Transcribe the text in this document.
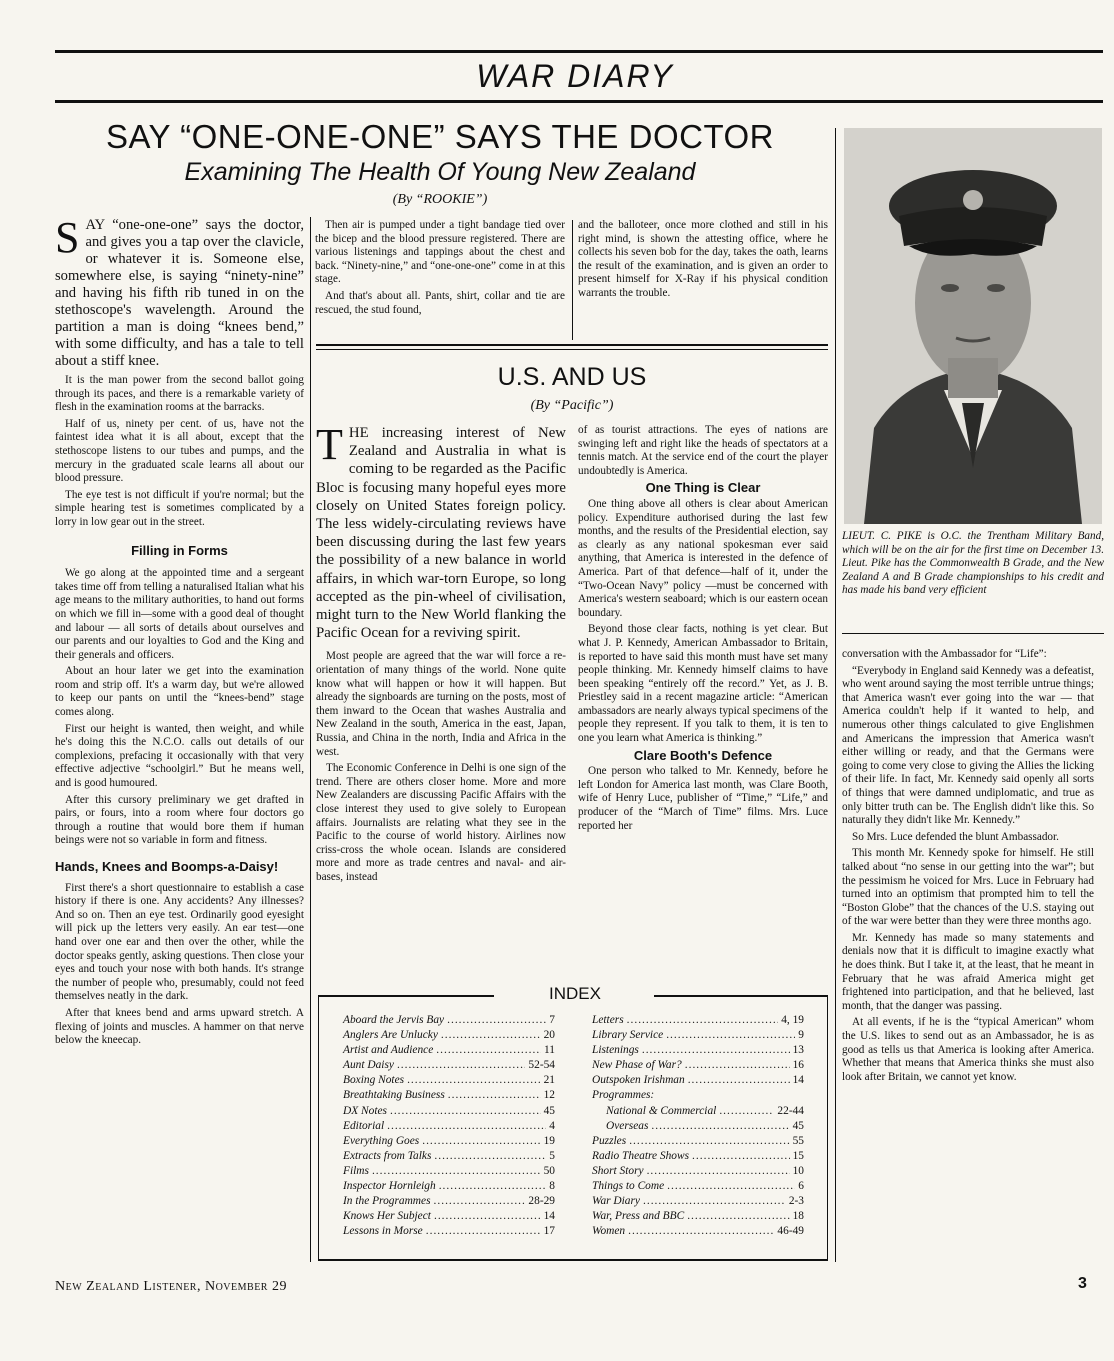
WAR DIARY
SAY “ONE-ONE-ONE” SAYS THE DOCTOR
Examining The Health Of Young New Zealand
(By “ROOKIE”)
SAY “one-one-one” says the doctor, and gives you a tap over the clavicle, or whatever it is. Someone else, somewhere else, is saying “ninety-nine” and having his fifth rib tuned in on the stethoscope's wavelength. Around the partition a man is doing “knees bend,” with some difficulty, and has a tale to tell about a stiff knee.

It is the man power from the second ballot going through its paces, and there is a remarkable variety of flesh in the examination rooms at the barracks.

Half of us, ninety per cent. of us, have not the faintest idea what it is all about, except that the stethoscope listens to our tubes and pumps, and the mercury in the graduated scale learns all about our blood pressure.

The eye test is not difficult if you're normal; but the simple hearing test is sometimes complicated by a lorry in low gear out in the street.

Filling in Forms

We go along at the appointed time and a sergeant takes time off from telling a naturalised Italian what his age means to the military authorities, to hand out forms on which we fill in—some with a good deal of thought and labour — all sorts of details about ourselves and our parents and our loyalties to God and the King and their generals and officers.

About an hour later we get into the examination room and strip off. It's a warm day, but we're allowed to keep our pants on until the “knees-bend” stage comes along.

First our height is wanted, then weight, and while he's doing this the N.C.O. calls out details of our complexions, prefacing it occasionally with that very effective adjective “schoolgirl.” But he means well, and is good humoured.

After this cursory preliminary we get drafted in pairs, or fours, into a room where four doctors go through a routine that would bore them if human beings were not so variable in form and fitness.

Hands, Knees and Boomps-a-Daisy!

First there's a short questionnaire to establish a case history if there is one. Any accidents? Any illnesses? And so on. Then an eye test. Ordinarily good eyesight will pick up the letters very easily. An ear test—one hand over one ear and then over the other, while the doctor speaks gently, asking questions. Then close your eyes and touch your nose with both hands. It's strange the number of people who, presumably, could not feed themselves neatly in the dark.

After that knees bend and arms upward stretch. A flexing of joints and muscles. A hammer on that nerve below the kneecap.

Then air is pumped under a tight bandage tied over the bicep and the blood pressure registered. There are various listenings and tappings about the chest and back. “Ninety-nine,” and “one-one-one” come in at this stage.

And that's about all. Pants, shirt, collar and tie are rescued, the stud found,

and the balloteer, once more clothed and still in his right mind, is shown the attesting office, where he collects his seven bob for the day, takes the oath, learns the result of the examination, and is given an order to present himself for X-Ray if his physical condition warrants the trouble.

LIEUT. C. PIKE is O.C. the Trentham Military Band, which will be on the air for the first time on December 13. Lieut. Pike has the Commonwealth B Grade, and the New Zealand A and B Grade championships to his credit and has made his band very efficient
U.S. AND US
(By “Pacific”)
THE increasing interest of New Zealand and Australia in what is coming to be regarded as the Pacific Bloc is focusing many hopeful eyes more closely on United States foreign policy. The less widely-circulating reviews have been discussing during the last few years the possibility of a new balance in world affairs, in which war-torn Europe, so long accepted as the pin-wheel of civilisation, might turn to the New World flanking the Pacific Ocean for a reviving spirit.

Most people are agreed that the war will force a re-orientation of many things of the world. None quite know what will happen or how it will happen. But already the signboards are turning on the posts, most of them inward to the Ocean that washes Australia and New Zealand in the south, America in the east, Japan, Russia, and China in the north, India and Africa in the west.

The Economic Conference in Delhi is one sign of the trend. There are others closer home. More and more New Zealanders are discussing Pacific Affairs with the close interest they used to give solely to European affairs. Journalists are relating what they see in the Pacific to the course of world history. Airlines now criss-cross the whole ocean. Islands are considered more and more as trade centres and naval- and air-bases, instead

of as tourist attractions. The eyes of nations are swinging left and right like the heads of spectators at a tennis match. At the service end of the court the player undoubtedly is America.

One Thing is Clear

One thing above all others is clear about American policy. Expenditure authorised during the last few months, and the results of the Presidential election, say as clearly as any national spokesman ever said anything, that America is interested in the defence of America. Part of that defence—half of it, under the “Two-Ocean Navy” policy —must be concerned with America's western seaboard; which is our eastern ocean boundary.

Beyond those clear facts, nothing is yet clear. But what J. P. Kennedy, American Ambassador to Britain, is reported to have said this month must have set many people thinking. Mr. Kennedy himself claims to have been speaking “entirely off the record.” Yet, as J. B. Priestley said in a recent magazine article: “American ambassadors are nearly always typical specimens of the people they represent. If you talk to them, it is ten to one you learn what America is thinking.”

Clare Booth's Defence

One person who talked to Mr. Kennedy, before he left London for America last month, was Clare Booth, wife of Henry Luce, publisher of “Time,” “Life,” and producer of the “March of Time” films. Mrs. Luce reported her

conversation with the Ambassador for “Life”:

“Everybody in England said Kennedy was a defeatist, who went around saying the most terrible untrue things; that America wasn't ever going into the war — that America couldn't help if it wanted to help, and numerous other things calculated to give Englishmen and Americans the impression that America wasn't either willing or ready, and that the Germans were going to come very close to giving the Allies the licking of their life. In fact, Mr. Kennedy said openly all sorts of things that were damned undiplomatic, and true as only bitter truth can be. The English didn't like this. So naturally they didn't like Mr. Kennedy.”

So Mrs. Luce defended the blunt Ambassador.

This month Mr. Kennedy spoke for himself. He still talked about “no sense in our getting into the war”; but the pessimism he voiced for Mrs. Luce in February had turned into an optimism that prompted him to tell the “Boston Globe” that the chances of the U.S. staying out of the war were better than they were three months ago.

Mr. Kennedy has made so many statements and denials now that it is difficult to imagine exactly what he does think. But I take it, at the least, that he meant in February that he was afraid America might get frightened into participation, and that he believed, last month, that the danger was passing.

At all events, if he is the “typical American” whom the U.S. likes to send out as an Ambassador, he is as good as tells us that America is looking after America. Whether that means that America thinks she must also look after Britain, we cannot yet know.

INDEX
Aboard the Jervis Bay .....	7
Anglers Are Unlucky .....	20
Artist and Audience .....	11
Aunt Daisy .....	52-54
Boxing Notes .....	21
Breathtaking Business .....	12
DX Notes .....	45
Editorial .....	4
Everything Goes .....	19
Extracts from Talks .....	5
Films .....	50
Inspector Hornleigh .....	8
In the Programmes .....	28-29
Knows Her Subject .....	14
Lessons in Morse .....	17
Letters .....	4, 19
Library Service .....	9
Listenings .....	13
New Phase of War? .....	16
Outspoken Irishman .....	14
Programmes:
National & Commercial .....	22-44
Overseas .....	45
Puzzles .....	55
Radio Theatre Shows .....	15
Short Story .....	10
Things to Come .....	6
War Diary .....	2-3
War, Press and BBC .....	18
Women .....	46-49
New Zealand Listener, November 29	3
